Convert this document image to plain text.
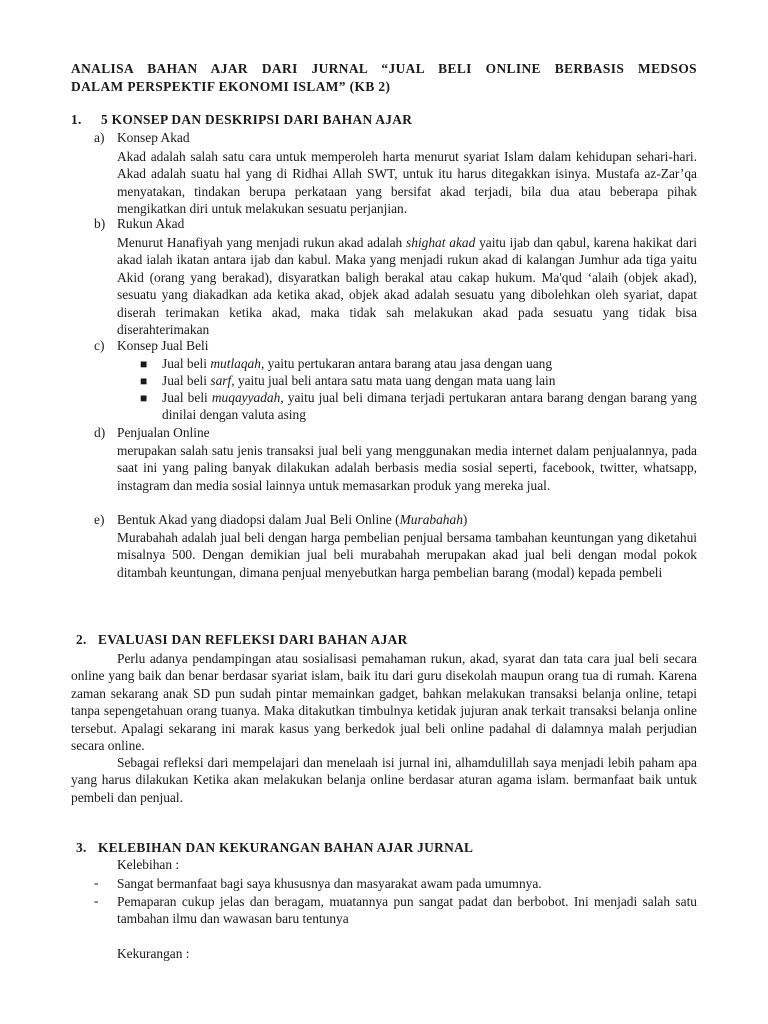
ANALISA BAHAN AJAR DARI JURNAL “JUAL BELI ONLINE BERBASIS MEDSOS
DALAM PERSPEKTIF EKONOMI ISLAM” (KB 2)
1. 5 KONSEP DAN DESKRIPSI DARI BAHAN AJAR
a) Konsep Akad
Akad adalah salah satu cara untuk memperoleh harta menurut syariat Islam dalam kehidupan sehari-hari. Akad adalah suatu hal yang di Ridhai Allah SWT, untuk itu harus ditegakkan isinya. Mustafa az-Zar’qa menyatakan, tindakan berupa perkataan yang bersifat akad terjadi, bila dua atau beberapa pihak mengikatkan diri untuk melakukan sesuatu perjanjian.
b) Rukun Akad
Menurut Hanafiyah yang menjadi rukun akad adalah shighat akad yaitu ijab dan qabul, karena hakikat dari akad ialah ikatan antara ijab dan kabul. Maka yang menjadi rukun akad di kalangan Jumhur ada tiga yaitu Akid (orang yang berakad), disyaratkan baligh berakal atau cakap hukum. Ma'qud ‘alaih (objek akad), sesuatu yang diakadkan ada ketika akad, objek akad adalah sesuatu yang dibolehkan oleh syariat, dapat diserah terimakan ketika akad, maka tidak sah melakukan akad pada sesuatu yang tidak bisa diserahterimakan
c) Konsep Jual Beli
■ Jual beli mutlaqah, yaitu pertukaran antara barang atau jasa dengan uang
■ Jual beli sarf, yaitu jual beli antara satu mata uang dengan mata uang lain
■ Jual beli muqayyadah, yaitu jual beli dimana terjadi pertukaran antara barang dengan barang yang dinilai dengan valuta asing
d) Penjualan Online
merupakan salah satu jenis transaksi jual beli yang menggunakan media internet dalam penjualannya, pada saat ini yang paling banyak dilakukan adalah berbasis media sosial seperti, facebook, twitter, whatsapp, instagram dan media sosial lainnya untuk memasarkan produk yang mereka jual.
e) Bentuk Akad yang diadopsi dalam Jual Beli Online (Murabahah)
Murabahah adalah jual beli dengan harga pembelian penjual bersama tambahan keuntungan yang diketahui misalnya 500. Dengan demikian jual beli murabahah merupakan akad jual beli dengan modal pokok ditambah keuntungan, dimana penjual menyebutkan harga pembelian barang (modal) kepada pembeli
2. EVALUASI DAN REFLEKSI DARI BAHAN AJAR
Perlu adanya pendampingan atau sosialisasi pemahaman rukun, akad, syarat dan tata cara jual beli secara online yang baik dan benar berdasar syariat islam, baik itu dari guru disekolah maupun orang tua di rumah. Karena zaman sekarang anak SD pun sudah pintar memainkan gadget, bahkan melakukan transaksi belanja online, tetapi tanpa sepengetahuan orang tuanya. Maka ditakutkan timbulnya ketidak jujuran anak terkait transaksi belanja online tersebut. Apalagi sekarang ini marak kasus yang berkedok jual beli online padahal di dalamnya malah perjudian secara online.
Sebagai refleksi dari mempelajari dan menelaah isi jurnal ini, alhamdulillah saya menjadi lebih paham apa yang harus dilakukan Ketika akan melakukan belanja online berdasar aturan agama islam. bermanfaat baik untuk pembeli dan penjual.
3. KELEBIHAN DAN KEKURANGAN BAHAN AJAR JURNAL
Kelebihan :
- Sangat bermanfaat bagi saya khususnya dan masyarakat awam pada umumnya.
- Pemaparan cukup jelas dan beragam, muatannya pun sangat padat dan berbobot. Ini menjadi salah satu tambahan ilmu dan wawasan baru tentunya
Kekurangan :
